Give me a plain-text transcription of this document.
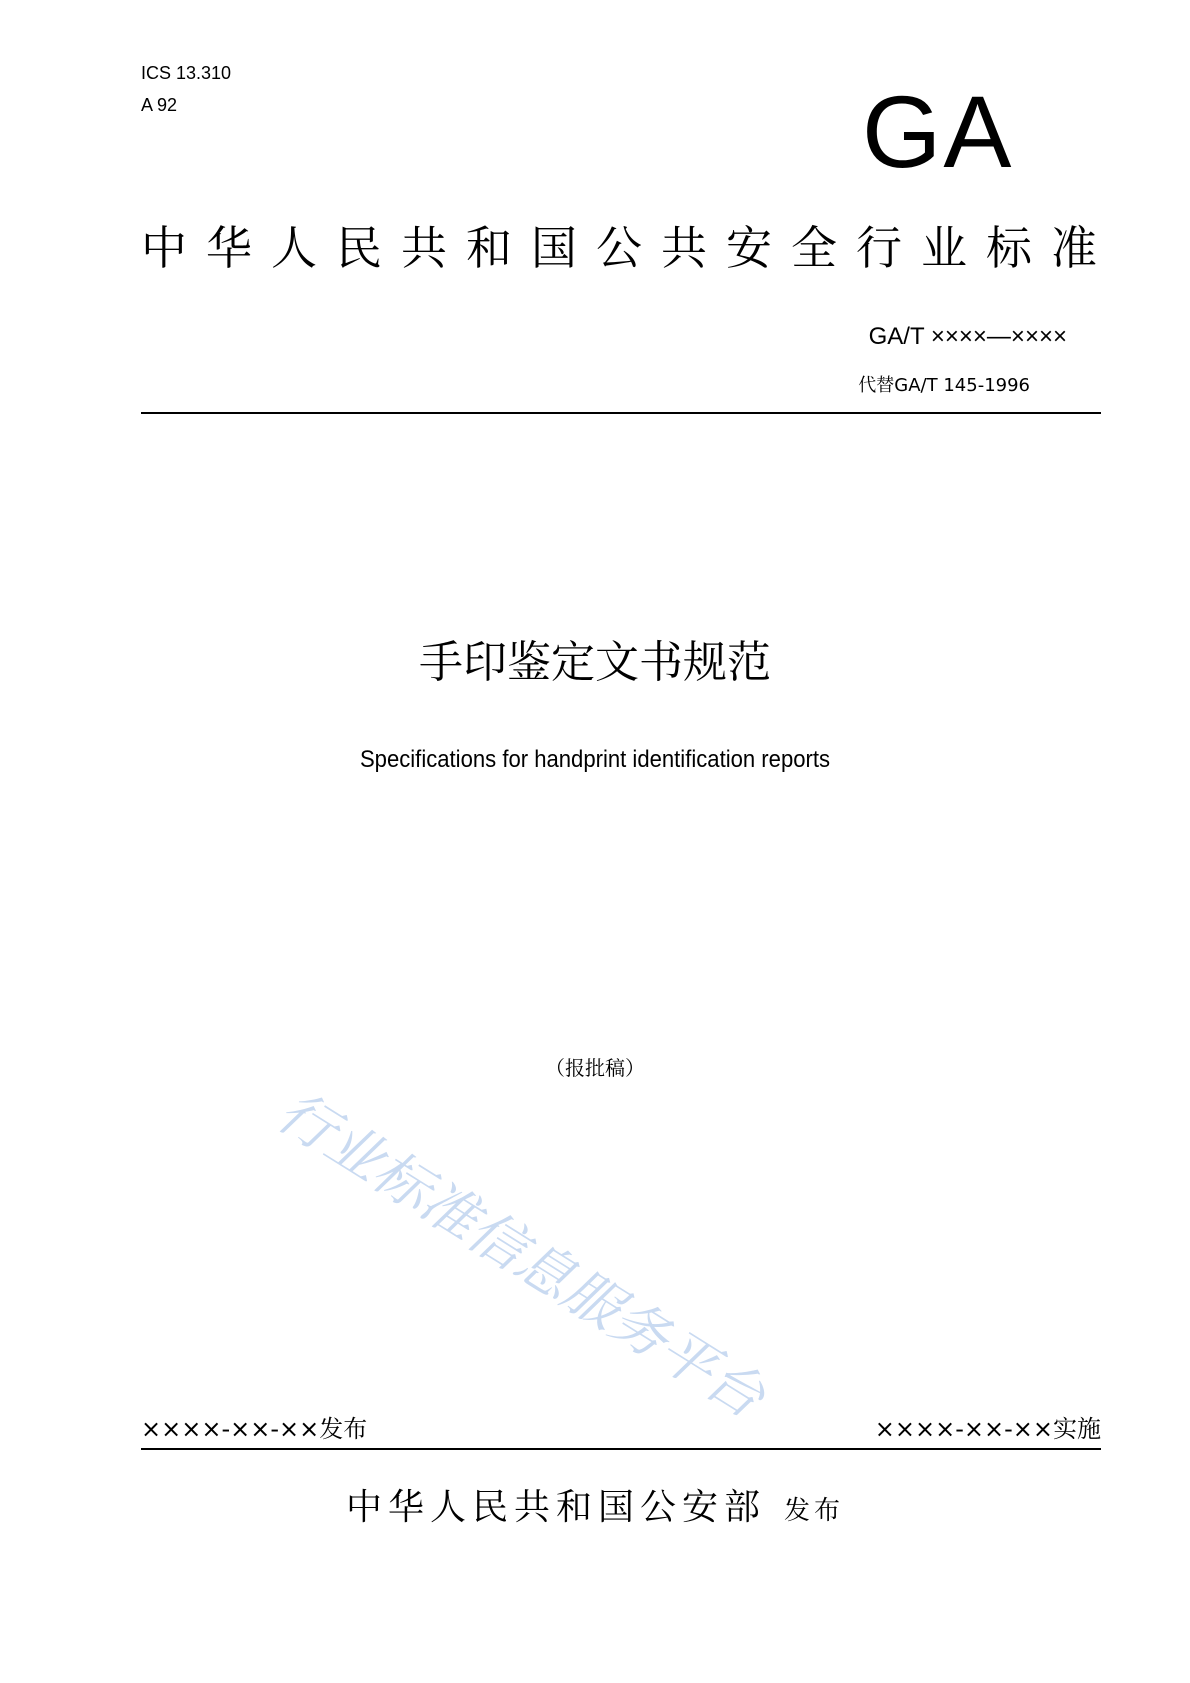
ICS 13.310
A 92	GA
中华人民共和国公共安全行业标准
GA/T ××××—××××
代替GA/T 145-1996
手印鉴定文书规范
Specifications for handprint identification reports
行业标准信息服务平台
（报批稿）
××××-××-××发布	××××-××-××实施
中华人民共和国公安部 发布
